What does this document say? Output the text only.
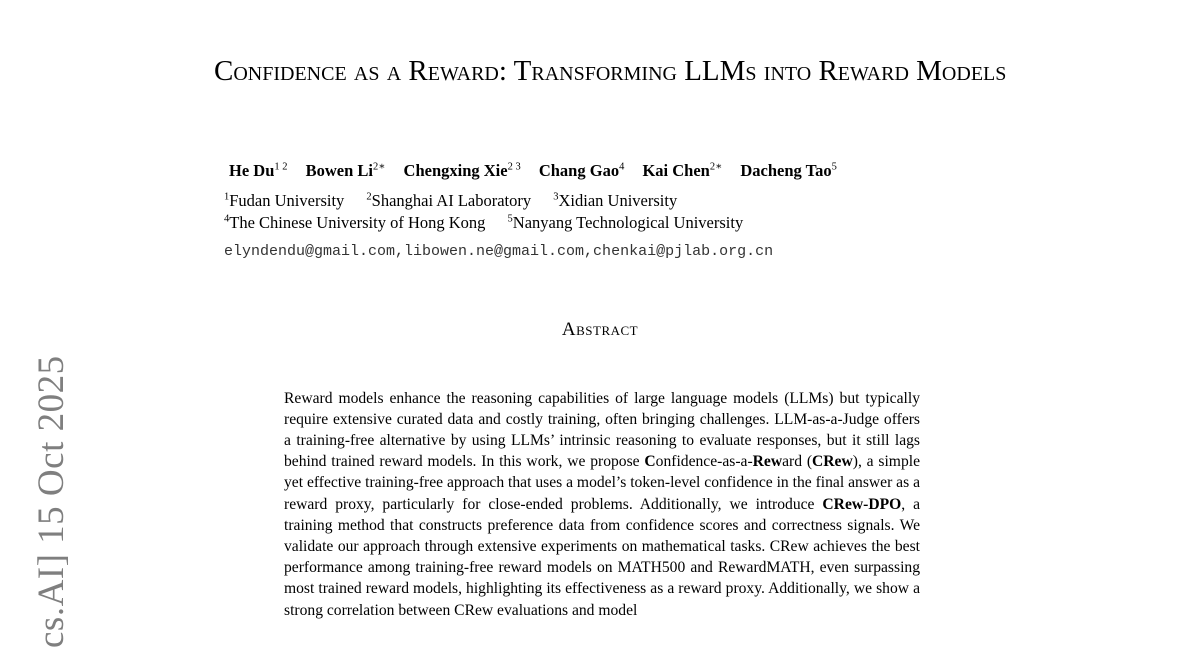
cs.AI] 15 Oct 2025
Confidence as a Reward: Transforming LLMs into Reward Models
He $Du^{1 2}$ Bowen $Li^{2∗}$ Chengxing Xie$^{2 3}$ Chang Gao$^4$ Kai Chen$^{2∗}$ Dacheng Tao$^5$
$^1$Fudan University $^2$Shanghai AI Laboratory $^3$Xidian University
$^4$The Chinese University of Hong Kong $^5$Nanyang Technological University
elyndendu@gmail.com,libowen.ne@gmail.com,chenkai@pjlab.org.cn
Abstract

Reward models enhance the reasoning capabilities of large language models (LLMs) but typically require extensive curated data and costly training, often bringing challenges. LLM-as-a-Judge offers a training-free alternative by using LLMs’ intrinsic reasoning to evaluate responses, but it still lags behind trained reward models. In this work, we propose Confidence-as-a-Reward (CRew), a simple yet effective training-free approach that uses a model’s token-level confidence in the final answer as a reward proxy, particularly for close-ended problems. Additionally, we introduce CRew-DPO, a training method that constructs preference data from confidence scores and correctness signals. We validate our approach through extensive experiments on mathematical tasks. CRew achieves the best performance among training-free reward models on MATH500 and RewardMATH, even surpassing most trained reward models, highlighting its effectiveness as a reward proxy. Additionally, we show a strong correlation between CRew evaluations and model
